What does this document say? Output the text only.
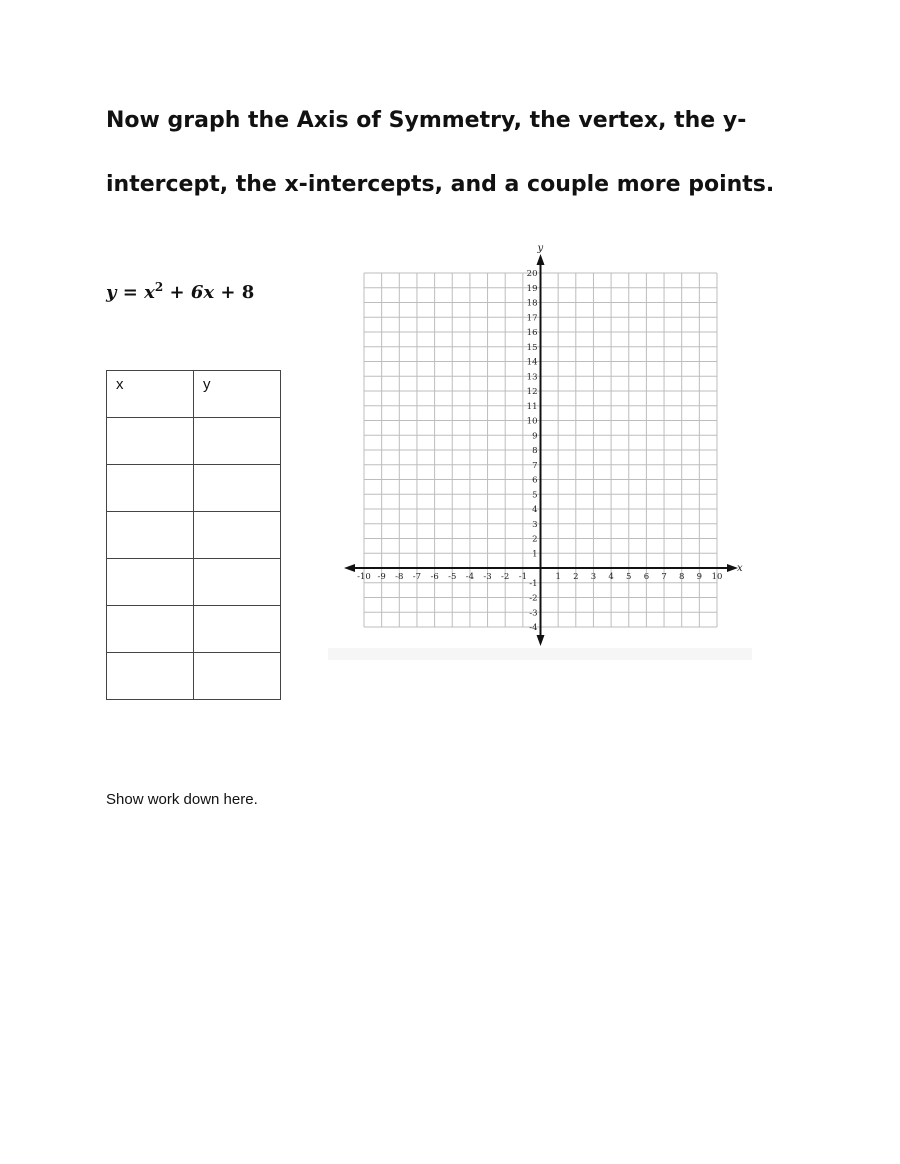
Now graph the Axis of Symmetry, the vertex, the y-
intercept, the x-intercepts, and a couple more points.
$y = x^2 + 6x + 8$
x	y

-10 -9 -8 -7 -6 -5 -4 -3 -2 -1	1 2 3 4 5 6 7 8 9 10
20
19
18
17
16
15
14
13
12
11
10
9
8
7
6
5
4
3
2
1
-1
-2
-3
-4
x
y
Show work down here.
